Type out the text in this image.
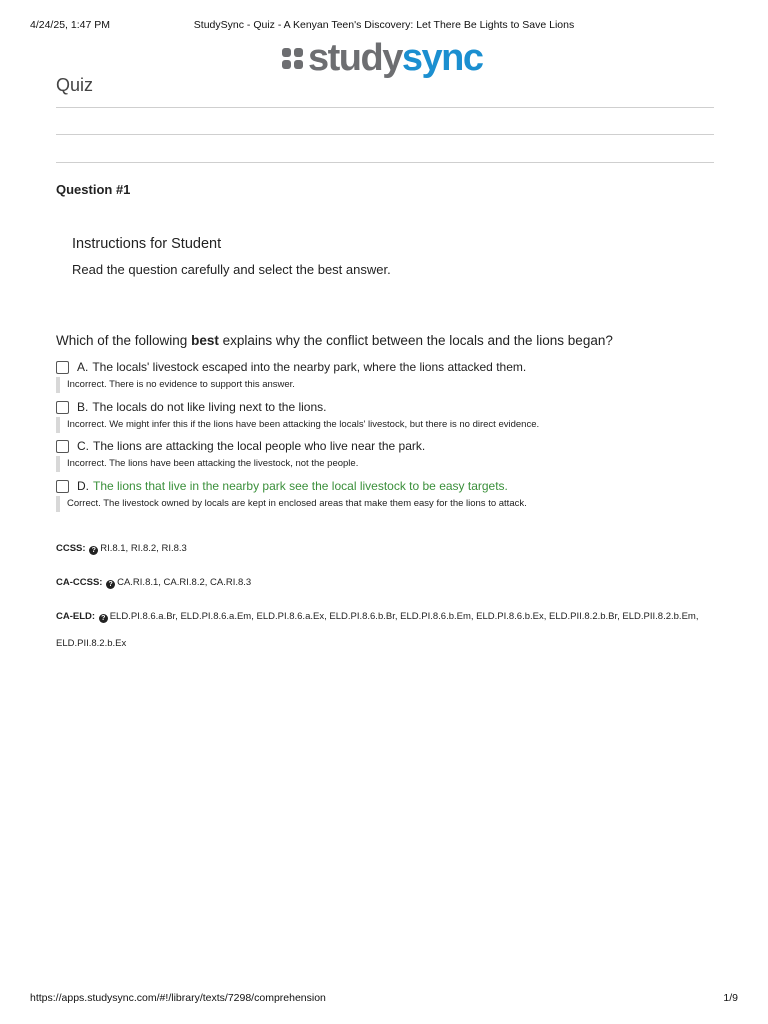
4/24/25, 1:47 PM	StudySync - Quiz - A Kenyan Teen's Discovery: Let There Be Lights to Save Lions
studysync
Quiz
Question #1
Instructions for Student
Read the question carefully and select the best answer.
Which of the following best explains why the conflict between the locals and the lions began?
A. The locals' livestock escaped into the nearby park, where the lions attacked them.
Incorrect. There is no evidence to support this answer.
B. The locals do not like living next to the lions.
Incorrect. We might infer this if the lions have been attacking the locals' livestock, but there is no direct evidence.
C. The lions are attacking the local people who live near the park.
Incorrect. The lions have been attacking the livestock, not the people.
D. The lions that live in the nearby park see the local livestock to be easy targets.
Correct. The livestock owned by locals are kept in enclosed areas that make them easy for the lions to attack.
CCSS: ? RI.8.1, RI.8.2, RI.8.3
CA-CCSS: ? CA.RI.8.1, CA.RI.8.2, CA.RI.8.3
CA-ELD: ? ELD.PI.8.6.a.Br, ELD.PI.8.6.a.Em, ELD.PI.8.6.a.Ex, ELD.PI.8.6.b.Br, ELD.PI.8.6.b.Em, ELD.PI.8.6.b.Ex, ELD.PII.8.2.b.Br, ELD.PII.8.2.b.Em, ELD.PII.8.2.b.Ex
https://apps.studysync.com/#!/library/texts/7298/comprehension	1/9
